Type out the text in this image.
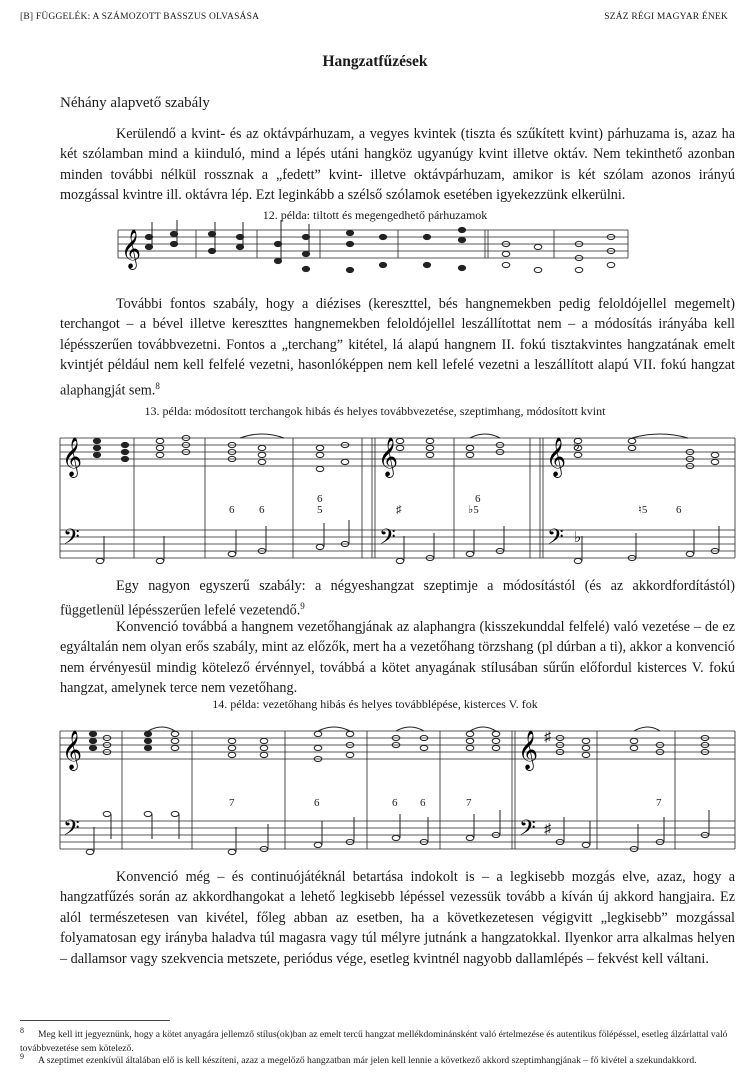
[B] FÜGGELÉK: A SZÁMOZOTT BASSZUS OLVASÁSA	SZÁZ RÉGI MAGYAR ÉNEK
Hangzatfűzések
Néhány alapvető szabály
Kerülendő a kvint- és az oktávpárhuzam, a vegyes kvintek (tiszta és szűkített kvint) párhuzama is, azaz ha két szólamban mind a kiinduló, mind a lépés utáni hangköz ugyanúgy kvint illetve oktáv. Nem tekinthető azonban minden további nélkül rossznak a „fedett” kvint- illetve oktávpárhuzam, amikor is két szólam azonos irányú mozgással kvintre ill. oktávra lép. Ezt leginkább a szélső szólamok esetében igyekezzünk elkerülni.
12. példa: tiltott és megengedhető párhuzamok
𝄞
További fontos szabály, hogy a diézises (kereszttel, bés hangnemekben pedig feloldójellel megemelt) terchangot – a bével illetve kereszttes hangnemekben feloldójellel leszállítottat nem – a módosítás irányába kell lépésszerűen továbbvezetni. Fontos a „terchang” kitétel, lá alapú hangnem II. fokú tisztakvintes hangzatának emelt kvintjét például nem kell felfelé vezetni, hasonlóképpen nem kell lefelé vezetni a leszállított alapú VII. fokú hangzat alaphangját sem.$^8$
13. példa: módosított terchangok hibás és helyes továbbvezetése, szeptimhang, módosított kvint
𝄞
𝄢
𝄞
𝄢
𝄞
𝄢
♭
♭
6 6
6
5	♯
6
♭5	♮5	6
Egy nagyon egyszerű szabály: a négyeshangzat szeptimje a módosítástól (és az akkordfordítástól) függetlenül lépésszerűen lefelé vezetendő.$^9$
Konvenció továbbá a hangnem vezetőhangjának az alaphangra (kisszekunddal felfelé) való vezetése – de ez egyáltalán nem olyan erős szabály, mint az előzők, mert ha a vezetőhang törzshang (pl dúrban a ti), akkor a konvenció nem érvényesül mindig kötelező érvénnyel, továbbá a kötet anyagának stílusában sűrűn előfordul kisterces V. fokú hangzat, amelynek terce nem vezetőhang.
14. példa: vezetőhang hibás és helyes továbblépése, kisterces V. fok
𝄞
𝄢
𝄞
𝄢
♯
♯
7	6	6 6	7	7
Konvenció még – és continuójátéknál betartása indokolt is – a legkisebb mozgás elve, azaz, hogy a hangzatfűzés során az akkordhangokat a lehető legkisebb lépéssel vezessük tovább a kíván új akkord hangjaira. Ez alól természetesen van kivétel, főleg abban az esetben, ha a következetesen végigvitt „legkisebb” mozgással folyamatosan egy irányba haladva túl magasra vagy túl mélyre jutnánk a hangzatokkal. Ilyenkor arra alkalmas helyen – dallamsor vagy szekvencia metszete, periódus vége, esetleg kvintnél nagyobb dallamlépés – fekvést kell váltani.
$^8$ Meg kell itt jegyeznünk, hogy a kötet anyagára jellemző stílus(ok)ban az emelt tercű hangzat mellékdominánsként való értelmezése és autentikus fölépéssel, esetleg álzárlattal való továbbvezetése sem kötelező.
$^9$ A szeptimet ezenkívül általában elő is kell készíteni, azaz a megelőző hangzatban már jelen kell lennie a következő akkord szeptimhangjának – fő kivétel a szekundakkord.
